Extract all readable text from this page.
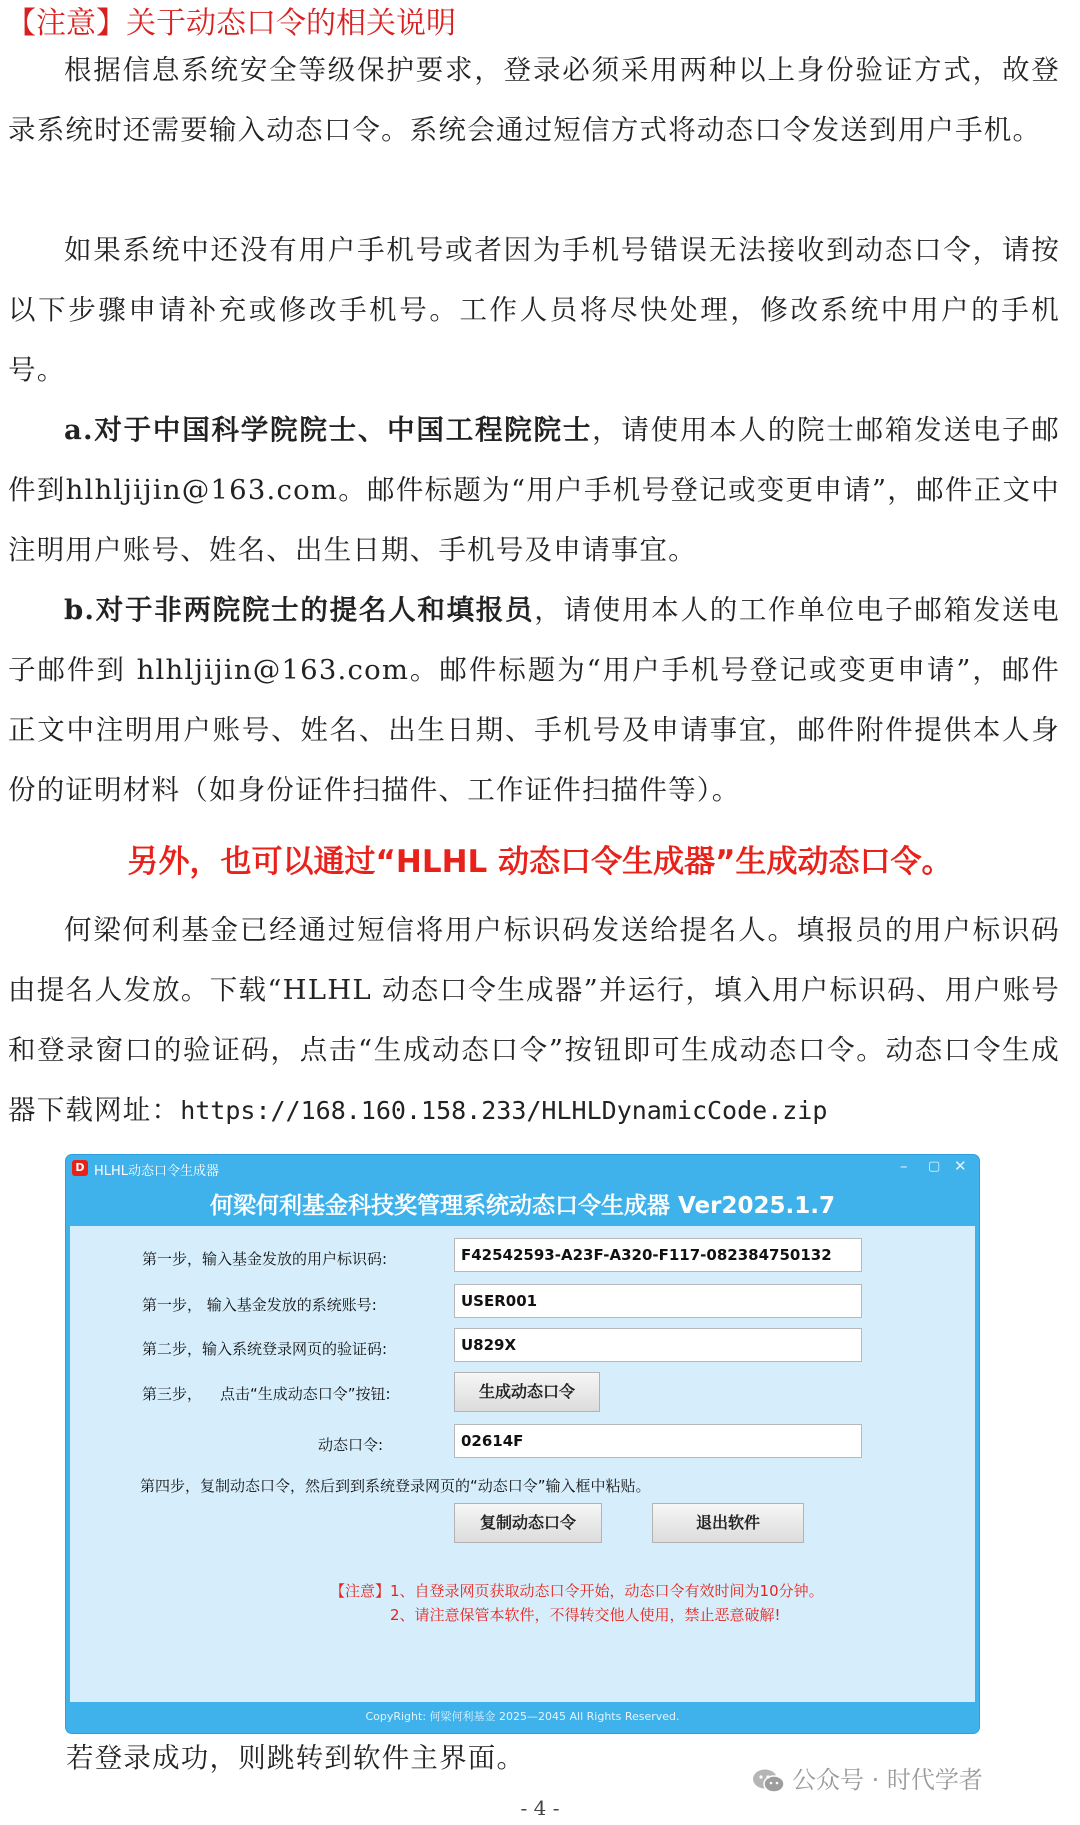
【注意】关于动态口令的相关说明
根据信息系统安全等级保护要求，登录必须采用两种以上身份验证方式，故登录系统时还需要输入动态口令。系统会通过短信方式将动态口令发送到用户手机。
如果系统中还没有用户手机号或者因为手机号错误无法接收到动态口令，请按以下步骤申请补充或修改手机号。工作人员将尽快处理，修改系统中用户的手机号。
a.对于中国科学院院士、中国工程院院士，请使用本人的院士邮箱发送电子邮件到hlhljijin@163.com。邮件标题为“用户手机号登记或变更申请”，邮件正文中注明用户账号、姓名、出生日期、手机号及申请事宜。
b.对于非两院院士的提名人和填报员，请使用本人的工作单位电子邮箱发送电子邮件到 hlhljijin@163.com。邮件标题为“用户手机号登记或变更申请”，邮件正文中注明用户账号、姓名、出生日期、手机号及申请事宜，邮件附件提供本人身份的证明材料（如身份证件扫描件、工作证件扫描件等）。
另外，也可以通过“HLHL 动态口令生成器”生成动态口令。
何梁何利基金已经通过短信将用户标识码发送给提名人。填报员的用户标识码由提名人发放。下载“HLHL 动态口令生成器”并运行，填入用户标识码、用户账号和登录窗口的验证码，点击“生成动态口令”按钮即可生成动态口令。动态口令生成器下载网址：https://168.160.158.233/HLHLDynamicCode.zip
D HLHL动态口令生成器	– ▢ ✕
何梁何利基金科技奖管理系统动态口令生成器 Ver2025.1.7
第一步，输入基金发放的用户标识码:	F42542593-A23F-A320-F117-082384750132
第一步， 输入基金发放的系统账号:	USER001
第二步，输入系统登录网页的验证码:	U829X
第三步， 点击“生成动态口令”按钮:	生成动态口令
动态口令:	02614F
第四步，复制动态口令，然后到到系统登录网页的“动态口令”输入框中粘贴。
复制动态口令	退出软件
【注意】1、自登录网页获取动态口令开始，动态口令有效时间为10分钟。
2、请注意保管本软件，不得转交他人使用，禁止恶意破解!
CopyRight: 何梁何利基金 2025—2045 All Rights Reserved.
若登录成功，则跳转到软件主界面。
公众号 · 时代学者
- 4 -
